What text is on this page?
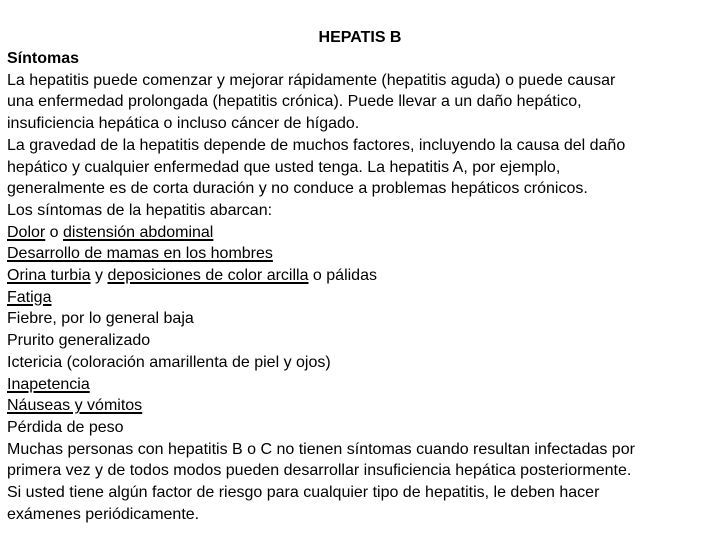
HEPATIS B
Síntomas
La hepatitis puede comenzar y mejorar rápidamente (hepatitis aguda) o puede causar
una enfermedad prolongada (hepatitis crónica). Puede llevar a un daño hepático,
insuficiencia hepática o incluso cáncer de hígado.
La gravedad de la hepatitis depende de muchos factores, incluyendo la causa del daño
hepático y cualquier enfermedad que usted tenga. La hepatitis A, por ejemplo,
generalmente es de corta duración y no conduce a problemas hepáticos crónicos.
Los síntomas de la hepatitis abarcan:
Dolor o distensión abdominal
Desarrollo de mamas en los hombres
Orina turbia y deposiciones de color arcilla o pálidas
Fatiga
Fiebre, por lo general baja
Prurito generalizado
Ictericia (coloración amarillenta de piel y ojos)
Inapetencia
Náuseas y vómitos
Pérdida de peso
Muchas personas con hepatitis B o C no tienen síntomas cuando resultan infectadas por
primera vez y de todos modos pueden desarrollar insuficiencia hepática posteriormente.
Si usted tiene algún factor de riesgo para cualquier tipo de hepatitis, le deben hacer
exámenes periódicamente.
